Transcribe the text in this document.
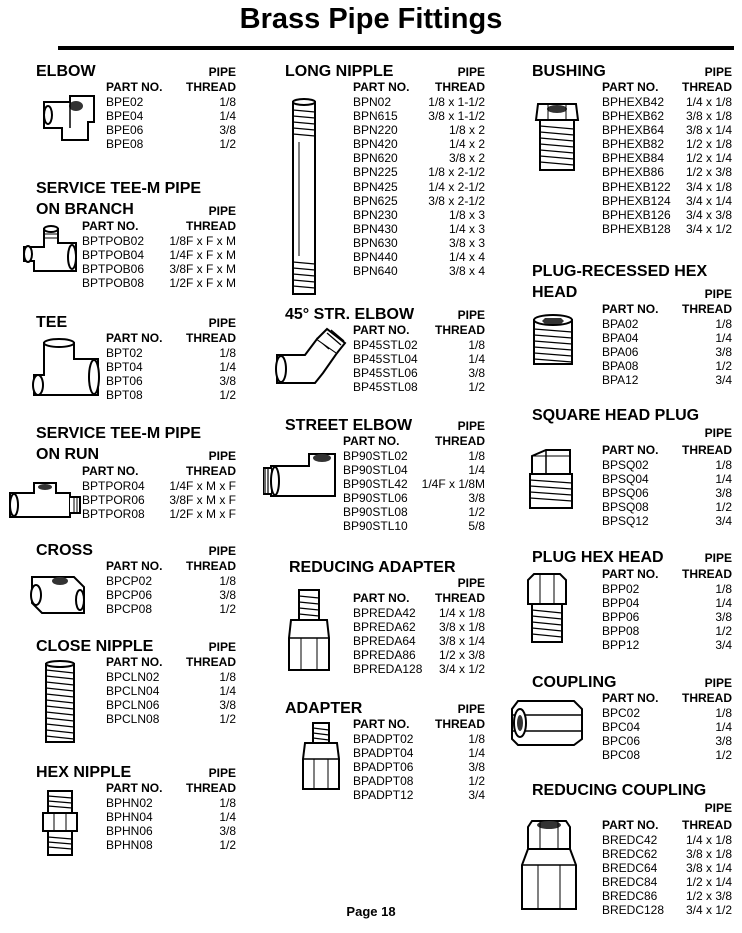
Brass Pipe Fittings
ELBOW	PIPE
PART NO. THREAD
BPE02	1/8
BPE04	1/4
BPE06	3/8
BPE08	1/2
SERVICE TEE-M PIPE
ON BRANCH	PIPE
PART NO.	THREAD
BPTPOB02 1/8F x F x M
BPTPOB04 1/4F x F x M
BPTPOB06 3/8F x F x M
BPTPOB08 1/2F x F x M
TEE	PIPE
PART NO. THREAD
BPT02	1/8
BPT04	1/4
BPT06	3/8
BPT08	1/2
SERVICE TEE-M PIPE
ON RUN	PIPE
PART NO.	THREAD
BPTPOR04 1/4F x M x F
BPTPOR06 3/8F x M x F
BPTPOR08 1/2F x M x F
CROSS	PIPE
PART NO. THREAD
BPCP02	1/8
BPCP06	3/8
BPCP08	1/2
CLOSE NIPPLE	PIPE
PART NO. THREAD
BPCLN02	1/8
BPCLN04	1/4
BPCLN06	3/8
BPCLN08	1/2
HEX NIPPLE	PIPE
PART NO. THREAD
BPHN02	1/8
BPHN04	1/4
BPHN06	3/8
BPHN08	1/2
LONG NIPPLE	PIPE
PART NO. THREAD
BPN02	1/8 x 1-1/2
BPN615	3/8 x 1-1/2
BPN220	1/8 x 2
BPN420	1/4 x 2
BPN620	3/8 x 2
BPN225	1/8 x 2-1/2
BPN425	1/4 x 2-1/2
BPN625	3/8 x 2-1/2
BPN230	1/8 x 3
BPN430	1/4 x 3
BPN630	3/8 x 3
BPN440	1/4 x 4
BPN640	3/8 x 4
45° STR. ELBOW	PIPE
PART NO. THREAD
BP45STL02	1/8
BP45STL04	1/4
BP45STL06	3/8
BP45STL08	1/2
STREET ELBOW	PIPE
PART NO.	THREAD
BP90STL02	1/8
BP90STL04	1/4
BP90STL42 1/4F x 1/8M
BP90STL06	3/8
BP90STL08	1/2
BP90STL10	5/8
REDUCING ADAPTER
PIPE
PART NO. THREAD
BPREDA42 1/4 x 1/8
BPREDA62 3/8 x 1/8
BPREDA64 3/8 x 1/4
BPREDA86 1/2 x 3/8
BPREDA128 3/4 x 1/2
ADAPTER	PIPE
PART NO. THREAD
BPADPT02	1/8
BPADPT04	1/4
BPADPT06	3/8
BPADPT08	1/2
BPADPT12	3/4
BUSHING	PIPE
PART NO. THREAD
BPHEXB42 1/4 x 1/8
BPHEXB62 3/8 x 1/8
BPHEXB64 3/8 x 1/4
BPHEXB82 1/2 x 1/8
BPHEXB84 1/2 x 1/4
BPHEXB86 1/2 x 3/8
BPHEXB122 3/4 x 1/8
BPHEXB124 3/4 x 1/4
BPHEXB126 3/4 x 3/8
BPHEXB128 3/4 x 1/2
PLUG-RECESSED HEX
HEAD	PIPE
PART NO. THREAD
BPA02	1/8
BPA04	1/4
BPA06	3/8
BPA08	1/2
BPA12	3/4
SQUARE HEAD PLUG
PIPE
PART NO. THREAD
BPSQ02	1/8
BPSQ04	1/4
BPSQ06	3/8
BPSQ08	1/2
BPSQ12	3/4
PLUG HEX HEAD	PIPE
PART NO. THREAD
BPP02	1/8
BPP04	1/4
BPP06	3/8
BPP08	1/2
BPP12	3/4
COUPLING	PIPE
PART NO. THREAD
BPC02	1/8
BPC04	1/4
BPC06	3/8
BPC08	1/2
REDUCING COUPLING
PIPE
PART NO. THREAD
BREDC42 1/4 x 1/8
BREDC62 3/8 x 1/8
BREDC64 3/8 x 1/4
BREDC84 1/2 x 1/4
BREDC86 1/2 x 3/8
BREDC128 3/4 x 1/2
Page 18
